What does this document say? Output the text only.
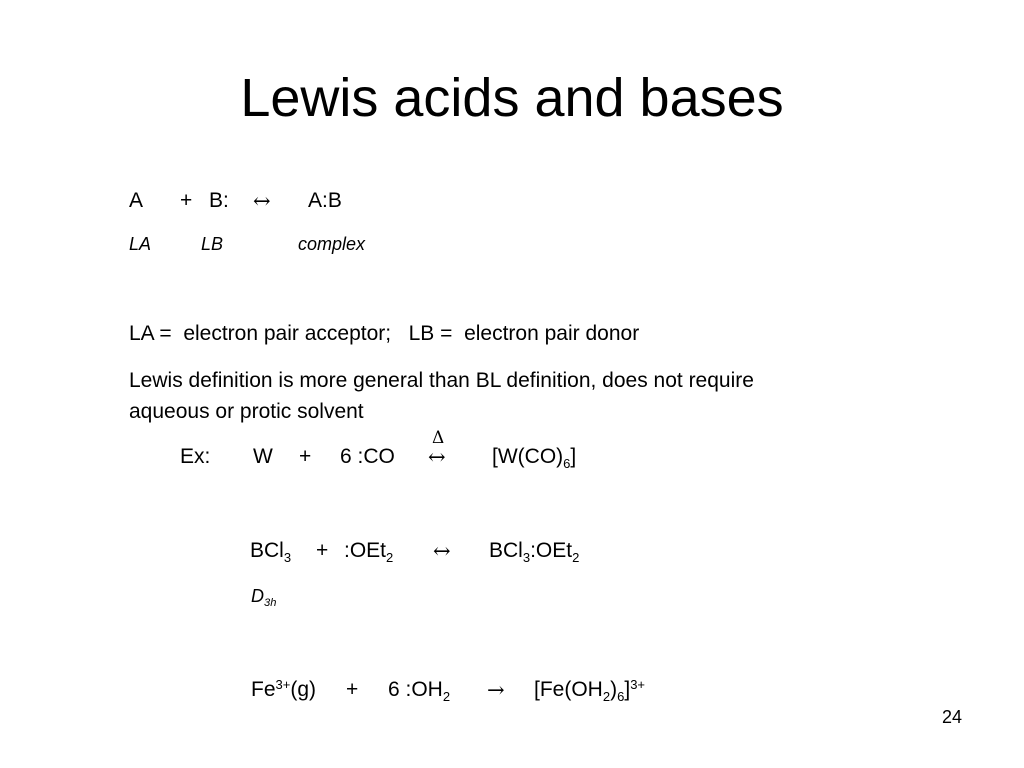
Lewis acids and bases
A + B: ↔ A:B
LA	LB	complex
LA = electron pair acceptor; LB = electron pair donor
Lewis definition is more general than BL definition, does not require
aqueous or protic solvent
Ex: W + 6 :CO
Δ
↔ $[W(CO)_6]$
BCl$_3$ + :OEt$_2$ ↔ BCl$_3$:OEt$_2$
$D_{3h}$
$Fe^{3+}(g) + 6$ $:OH_2 \to [Fe(OH_2)_6]^{3+}$
24
